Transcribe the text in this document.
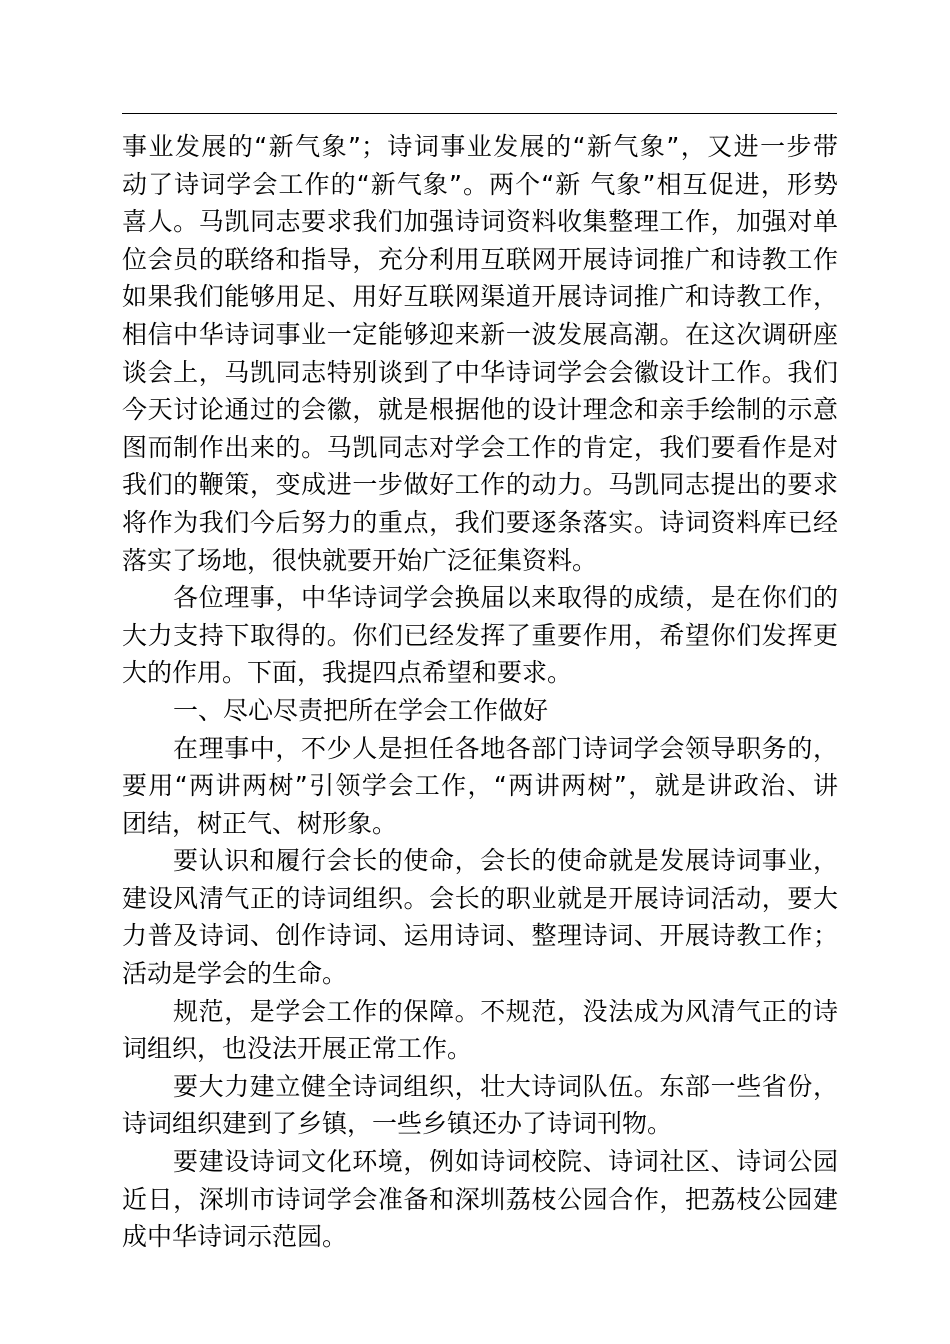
事业发展的“新气象”；诗词事业发展的“新气象”，又进一步带
动了诗词学会工作的“新气象”。两个“新 气象”相互促进，形势
喜人。马凯同志要求我们加强诗词资料收集整理工作，加强对单
位会员的联络和指导，充分利用互联网开展诗词推广和诗教工作
如果我们能够用足、用好互联网渠道开展诗词推广和诗教工作，
相信中华诗词事业一定能够迎来新一波发展高潮。在这次调研座
谈会上，马凯同志特别谈到了中华诗词学会会徽设计工作。我们
今天讨论通过的会徽，就是根据他的设计理念和亲手绘制的示意
图而制作出来的。马凯同志对学会工作的肯定，我们要看作是对
我们的鞭策，变成进一步做好工作的动力。马凯同志提出的要求
将作为我们今后努力的重点，我们要逐条落实。诗词资料库已经
落实了场地，很快就要开始广泛征集资料。
各位理事，中华诗词学会换届以来取得的成绩，是在你们的
大力支持下取得的。你们已经发挥了重要作用，希望你们发挥更
大的作用。下面，我提四点希望和要求。
一、尽心尽责把所在学会工作做好
在理事中，不少人是担任各地各部门诗词学会领导职务的，
要用“两讲两树”引领学会工作，“两讲两树”，就是讲政治、讲
团结，树正气、树形象。
要认识和履行会长的使命，会长的使命就是发展诗词事业，
建设风清气正的诗词组织。会长的职业就是开展诗词活动，要大
力普及诗词、创作诗词、运用诗词、整理诗词、开展诗教工作；
活动是学会的生命。
规范，是学会工作的保障。不规范，没法成为风清气正的诗
词组织，也没法开展正常工作。
要大力建立健全诗词组织，壮大诗词队伍。东部一些省份，
诗词组织建到了乡镇，一些乡镇还办了诗词刊物。
要建设诗词文化环境，例如诗词校院、诗词社区、诗词公园
近日，深圳市诗词学会准备和深圳荔枝公园合作，把荔枝公园建
成中华诗词示范园。
